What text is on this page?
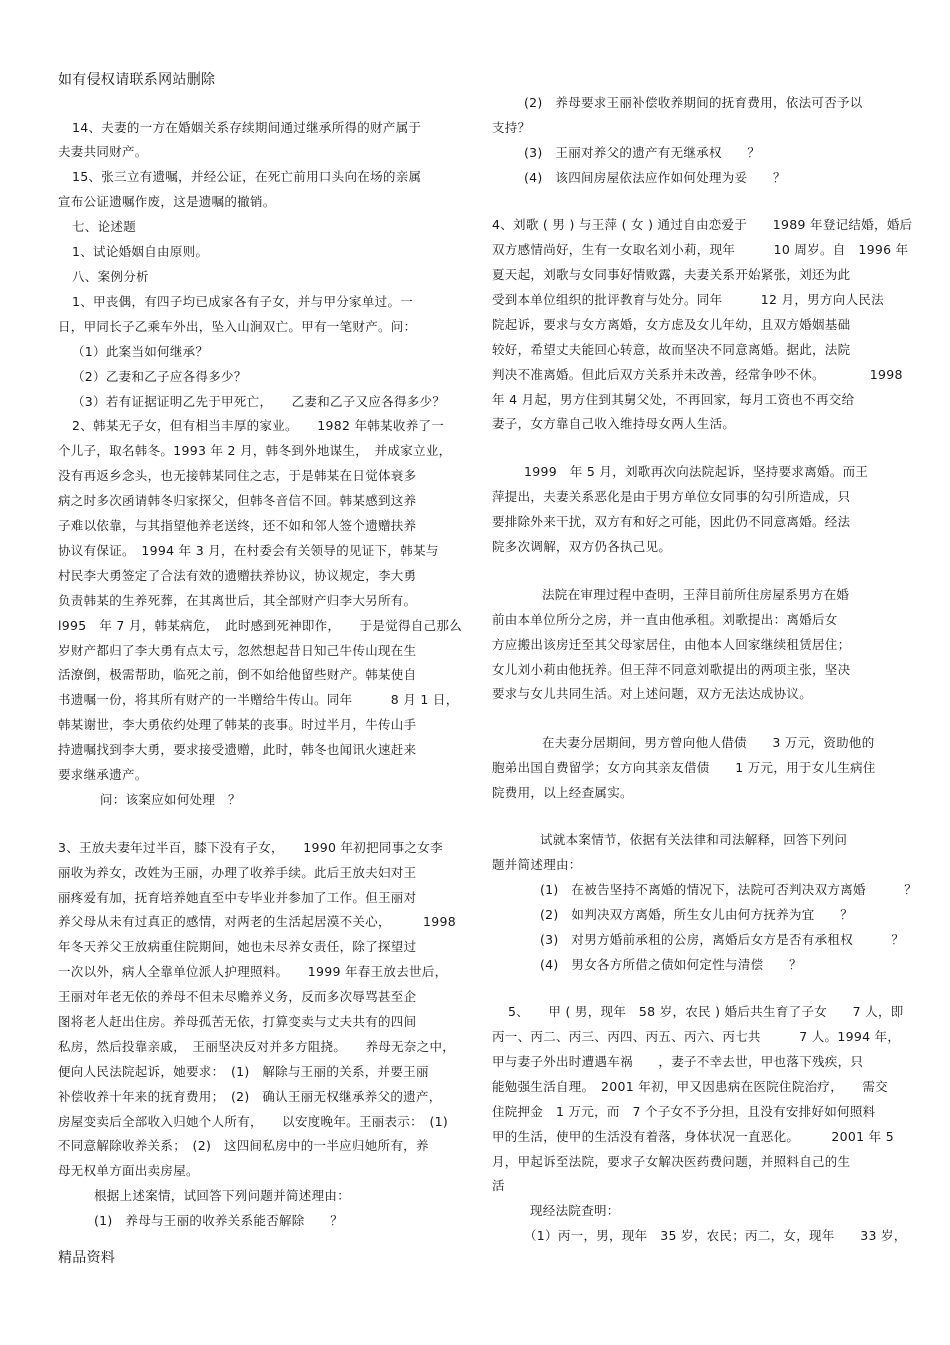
如有侵权请联系网站删除
14、夫妻的一方在婚姻关系存续期间通过继承所得的财产属于
夫妻共同财产。
15、张三立有遗嘱，并经公证，在死亡前用口头向在场的亲属
宣布公证遗嘱作废，这是遗嘱的撤销。
七、论述题
1、试论婚姻自由原则。
八、案例分析
1、甲丧偶，有四子均已成家各有子女，并与甲分家单过。一
日，甲同长子乙乘车外出，坠入山涧双亡。甲有一笔财产。问：
（1）此案当如何继承？
（2）乙妻和乙子应各得多少？
（3）若有证据证明乙先于甲死亡，　　乙妻和乙子又应各得多少？
2、韩某无子女，但有相当丰厚的家业。　　1982 年韩某收养了一
个儿子，取名韩冬。1993 年 2 月，韩冬到外地谋生，　并成家立业，
没有再返乡念头，也无接韩某同住之志，于是韩某在日觉体衰多
病之时多次函请韩冬归家探父，但韩冬音信不回。韩某感到这养
子难以依靠，与其指望他养老送终，还不如和邻人签个遗赠扶养
协议有保证。　1994 年 3 月，在村委会有关领导的见证下，韩某与
村民李大勇签定了合法有效的遗赠扶养协议，协议规定，李大勇
负责韩某的生养死葬，在其离世后，其全部财产归李大另所有。
l995　年 7 月，韩某病危，　此时感到死神即作，　　于是觉得自己那么
岁财产都归了李大勇有点太亏，忽然想起昔日知己牛传山现在生
活潦倒，极需帮助，临死之前，倒不如给他留些财产。韩某使自
书遗嘱一份，将其所有财产的一半赠给牛传山。同年　　　8 月 1 日，
韩某谢世，李大勇依约处理了韩某的丧事。时过半月，牛传山手
持遗嘱找到李大勇，要求接受遗赠，此时，韩冬也闻讯火速赶来
要求继承遗产。
问：该案应如何处理　？
3、王放夫妻年过半百，膝下没有子女，　　1990 年初把同事之女李
丽收为养女，改姓为王丽，办理了收养手续。此后王放夫妇对王
丽疼爱有加，抚育培养她直至中专毕业并参加了工作。但王丽对
养父母从未有过真正的感情，对两老的生活起居漠不关心，　　　1998
年冬天养父王放病重住院期间，她也未尽养女责任，除了探望过
一次以外，病人全靠单位派人护理照料。　　1999 年春王放去世后，
王丽对年老无依的养母不但未尽赡养义务，反而多次辱骂甚至企
图将老人赶出住房。养母孤苦无依，打算变卖与丈夫共有的四间
私房，然后投靠亲戚，　王丽坚决反对并多方阻挠。　　养母无奈之中，
便向人民法院起诉，她要求：　(1)　解除与王丽的关系，并要王丽
补偿收养十年来的抚育费用；　(2)　确认王丽无权继承养父的遗产，
房屋变卖后全部收入归她个人所有，　　以安度晚年。王丽表示：　(1)
不同意解除收养关系；　(2)　这四间私房中的一半应归她所有，养
母无权单方面出卖房屋。
根据上述案情，试回答下列问题并简述理由：
(1)　养母与王丽的收养关系能否解除　　？
(2)　养母要求王丽补偿收养期间的抚育费用，依法可否予以
支持？
(3)　王丽对养父的遗产有无继承权　　？
(4)　该四间房屋依法应作如何处理为妥　　？
4、刘歌 ( 男 ) 与王萍 ( 女 ) 通过自由恋爱于　　1989 年登记结婚，婚后
双方感情尚好，生有一女取名刘小莉，现年　　　10 周岁。自　1996 年
夏天起，刘歌与女同事好情败露，夫妻关系开始紧张，刘还为此
受到本单位组织的批评教育与处分。同年　　　12 月，男方向人民法
院起诉，要求与女方离婚，女方虑及女儿年幼，且双方婚姻基础
较好，希望丈夫能回心转意，故而坚决不同意离婚。据此，法院
判决不准离婚。但此后双方关系并未改善，经常争吵不休。　　　　1998
年 4 月起，男方住到其舅父处，不再回家，每月工资也不再交给
妻子，女方靠自己收入维持母女两人生活。
1999　年 5 月，刘歌再次向法院起诉，坚持要求离婚。而王
萍提出，夫妻关系恶化是由于男方单位女同事的勾引所造成，只
要排除外来干扰，双方有和好之可能，因此仍不同意离婚。经法
院多次调解，双方仍各执己见。
法院在审理过程中查明，王萍目前所住房屋系男方在婚
前由本单位所分之房，并一直由他承租。刘歌提出：离婚后女
方应搬出该房迁至其父母家居住，由他本人回家继续租赁居住；
女儿刘小莉由他抚养。但王萍不同意刘歌提出的两项主张，坚决
要求与女儿共同生活。对上述问题，双方无法达成协议。
在夫妻分居期间，男方曾向他人借债　　3 万元，资助他的
胞弟出国自费留学；女方向其亲友借债　　1 万元，用于女儿生病住
院费用，以上经查属实。
试就本案情节，依据有关法律和司法解释，回答下列问
题并简述理由：
(1)　在被告坚持不离婚的情况下，法院可否判决双方离婚　　　？
(2)　如判决双方离婚，所生女儿由何方抚养为宜　　？
(3)　对男方婚前承租的公房，离婚后女方是否有承租权　　　？
(4)　男女各方所借之债如何定性与清偿　　？
5、　　甲 ( 男，现年　58 岁，农民 ) 婚后共生育了子女　　7 人，即
丙一、丙二、丙三、丙四、丙五、丙六、丙七共　　　7 人。1994 年，
甲与妻子外出时遭遇车祸　　，妻子不幸去世，甲也落下残疾，只
能勉强生活自理。　2001 年初，甲又因患病在医院住院治疗，　　需交
住院押金　1 万元，而　7 个子女不予分担，且没有安排好如何照料
甲的生活，使甲的生活没有着落，身体状况一直恶化。　　　2001 年 5
月，甲起诉至法院，要求子女解决医药费问题，并照料自己的生
活
现经法院查明：
（1）丙一，男，现年　35 岁，农民；丙二，女，现年　　33 岁，
精品资料
